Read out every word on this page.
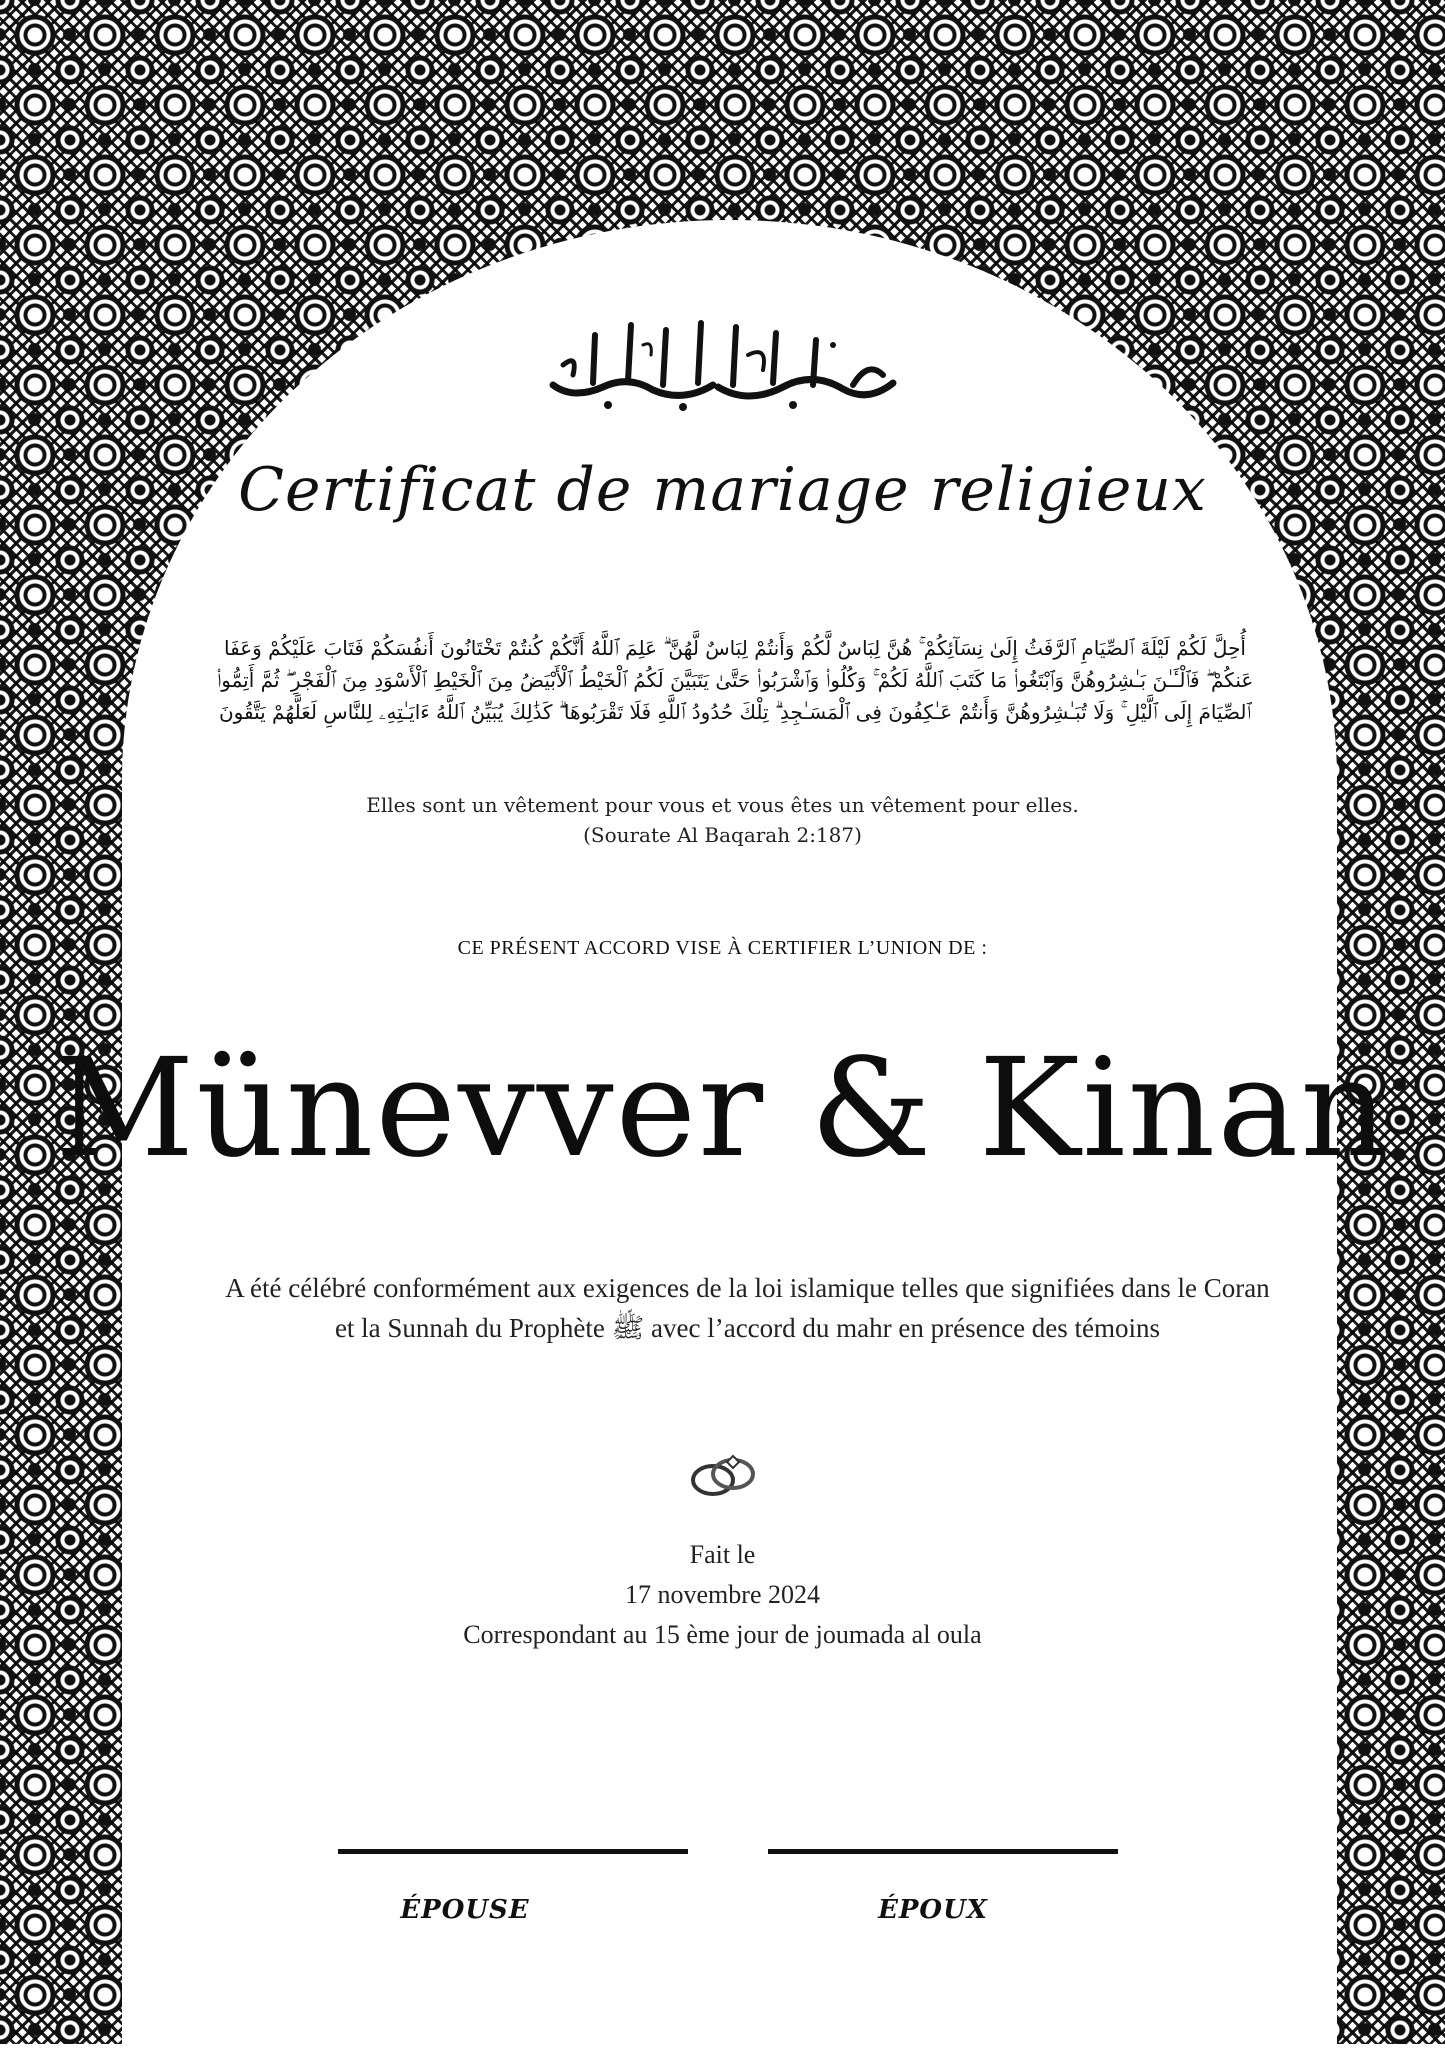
Certificat de mariage religieux
أُحِلَّ لَكُمْ لَيْلَةَ ٱلصِّيَامِ ٱلرَّفَثُ إِلَىٰ نِسَآئِكُمْ ۚ هُنَّ لِبَاسٌ لَّكُمْ وَأَنتُمْ لِبَاسٌ لَّهُنَّ ۗ عَلِمَ ٱللَّهُ أَنَّكُمْ كُنتُمْ تَخْتَانُونَ أَنفُسَكُمْ فَتَابَ عَلَيْكُمْ وَعَفَا عَنكُمْ ۖ فَٱلْـَٔـٰنَ بَـٰشِرُوهُنَّ وَٱبْتَغُوا۟ مَا كَتَبَ ٱللَّهُ لَكُمْ ۚ وَكُلُوا۟ وَٱشْرَبُوا۟ حَتَّىٰ يَتَبَيَّنَ لَكُمُ ٱلْخَيْطُ ٱلْأَبْيَضُ مِنَ ٱلْخَيْطِ ٱلْأَسْوَدِ مِنَ ٱلْفَجْرِ ۖ ثُمَّ أَتِمُّوا۟ ٱلصِّيَامَ إِلَى ٱلَّيْلِ ۚ وَلَا تُبَـٰشِرُوهُنَّ وَأَنتُمْ عَـٰكِفُونَ فِى ٱلْمَسَـٰجِدِ ۗ تِلْكَ حُدُودُ ٱللَّهِ فَلَا تَقْرَبُوهَا ۗ كَذَٰلِكَ يُبَيِّنُ ٱللَّهُ ءَايَـٰتِهِۦ لِلنَّاسِ لَعَلَّهُمْ يَتَّقُونَ
Elles sont un vêtement pour vous et vous êtes un vêtement pour elles.
(Sourate Al Baqarah 2:187)
CE PRÉSENT ACCORD VISE À CERTIFIER L’UNION DE :
Münevver & Kinan
A été célébré conformément aux exigences de la loi islamique telles que signifiées dans le Coran et la Sunnah du Prophète ﷺ avec l’accord du mahr en présence des témoins
Fait le
17 novembre 2024
Correspondant au 15 ème jour de joumada al oula
ÉPOUSE	ÉPOUX
